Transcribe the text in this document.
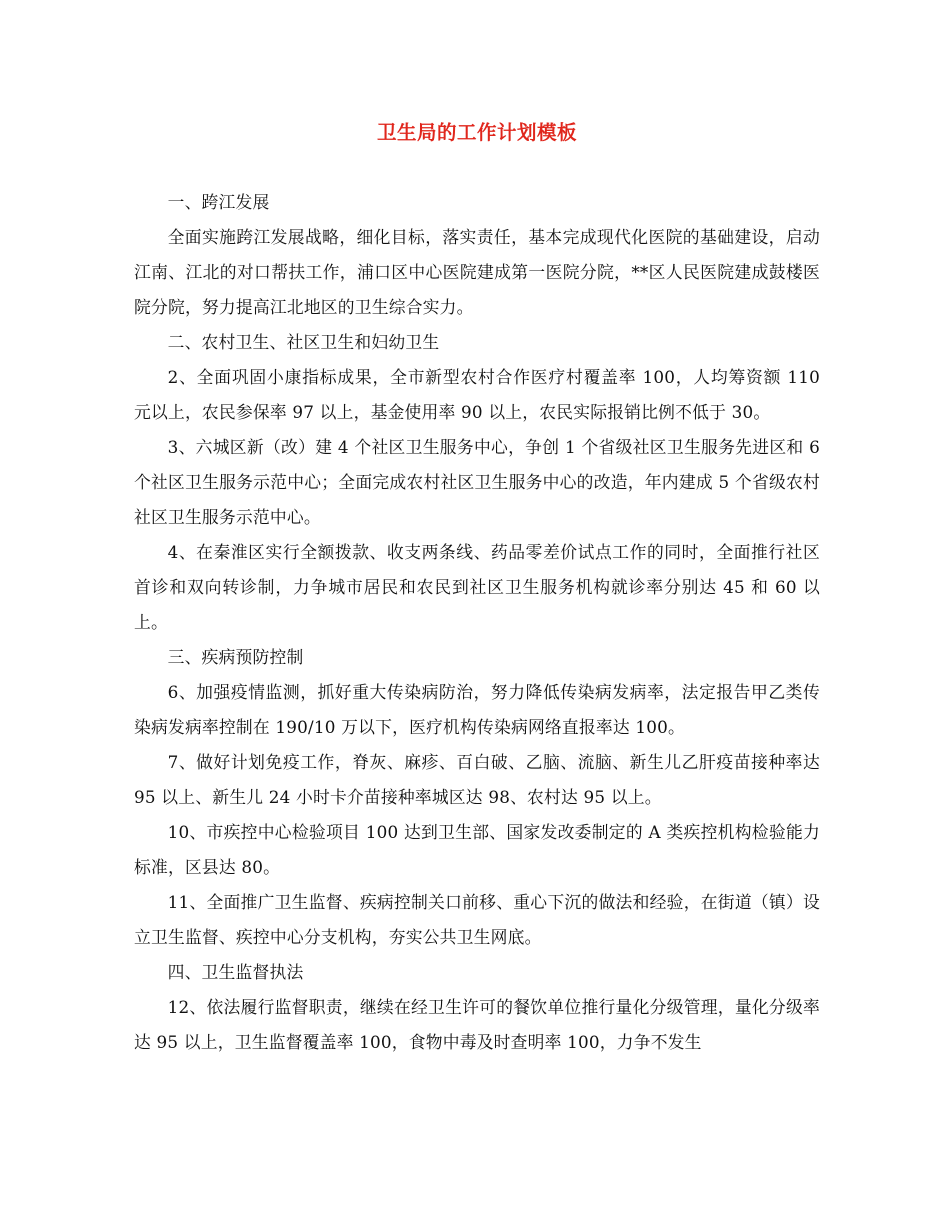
卫生局的工作计划模板

一、跨江发展

全面实施跨江发展战略，细化目标，落实责任，基本完成现代化医院的基础建设，启动江南、江北的对口帮扶工作，浦口区中心医院建成第一医院分院，**区人民医院建成鼓楼医院分院，努力提高江北地区的卫生综合实力。

二、农村卫生、社区卫生和妇幼卫生

2、全面巩固小康指标成果，全市新型农村合作医疗村覆盖率 100，人均筹资额 110 元以上，农民参保率 97 以上，基金使用率 90 以上，农民实际报销比例不低于 30。

3、六城区新（改）建 4 个社区卫生服务中心，争创 1 个省级社区卫生服务先进区和 6 个社区卫生服务示范中心；全面完成农村社区卫生服务中心的改造，年内建成 5 个省级农村社区卫生服务示范中心。

4、在秦淮区实行全额拨款、收支两条线、药品零差价试点工作的同时，全面推行社区首诊和双向转诊制，力争城市居民和农民到社区卫生服务机构就诊率分别达 45 和 60 以上。

三、疾病预防控制

6、加强疫情监测，抓好重大传染病防治，努力降低传染病发病率，法定报告甲乙类传染病发病率控制在 190/10 万以下，医疗机构传染病网络直报率达 100。

7、做好计划免疫工作，脊灰、麻疹、百白破、乙脑、流脑、新生儿乙肝疫苗接种率达 95 以上、新生儿 24 小时卡介苗接种率城区达 98、农村达 95 以上。

10、市疾控中心检验项目 100 达到卫生部、国家发改委制定的 A 类疾控机构检验能力标准，区县达 80。

11、全面推广卫生监督、疾病控制关口前移、重心下沉的做法和经验，在街道（镇）设立卫生监督、疾控中心分支机构，夯实公共卫生网底。

四、卫生监督执法

12、依法履行监督职责，继续在经卫生许可的餐饮单位推行量化分级管理，量化分级率达 95 以上，卫生监督覆盖率 100，食物中毒及时查明率 100，力争不发生
